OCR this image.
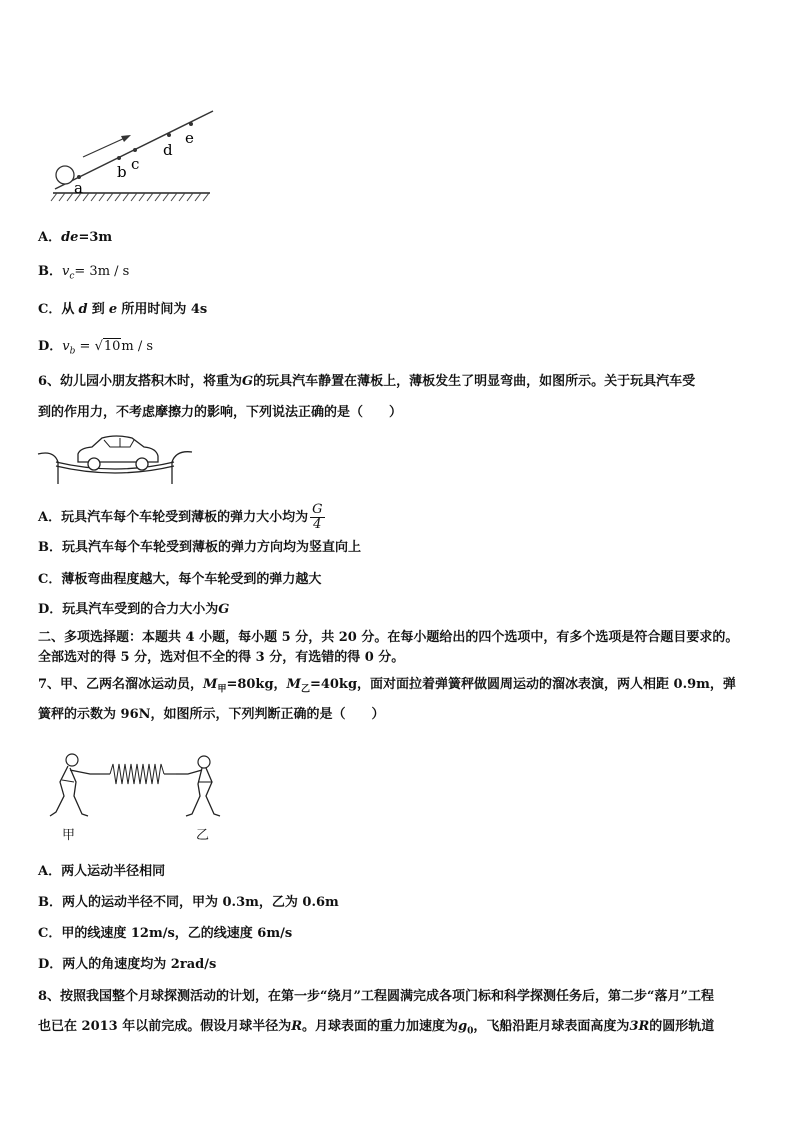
a
b c
d
e
A．de=3m
B．$v_c= 3m / s$
C．从 d 到 e 所用时间为 4s
D．$v_b = √10m / s$
6、幼儿园小朋友搭积木时，将重为G的玩具汽车静置在薄板上，薄板发生了明显弯曲，如图所示。关于玩具汽车受
到的作用力，不考虑摩擦力的影响，下列说法正确的是（　　）
A．玩具汽车每个车轮受到薄板的弹力大小均为 $\frac{G}{4}$
B．玩具汽车每个车轮受到薄板的弹力方向均为竖直向上
C．薄板弯曲程度越大，每个车轮受到的弹力越大
D．玩具汽车受到的合力大小为G
二、多项选择题：本题共 4 小题，每小题 5 分，共 20 分。在每小题给出的四个选项中，有多个选项是符合题目要求的。
全部选对的得 5 分，选对但不全的得 3 分，有选错的得 0 分。
7、甲、乙两名溜冰运动员，$M_甲=80kg$，$M_乙=40kg$，面对面拉着弹簧秤做圆周运动的溜冰表演，两人相距 0.9m，弹
簧秤的示数为 96N，如图所示，下列判断正确的是（　　）
甲	乙
A．两人运动半径相同
B．两人的运动半径不同，甲为 0.3m，乙为 0.6m
C．甲的线速度 12m/s，乙的线速度 6m/s
D．两人的角速度均为 2rad/s
8、按照我国整个月球探测活动的计划，在第一步“绕月”工程圆满完成各项门标和科学探测任务后，第二步“落月”工程
也已在 2013 年以前完成。假设月球半径为R。月球表面的重力加速度为$g_0$，飞船沿距月球表面高度为3R的圆形轨道
